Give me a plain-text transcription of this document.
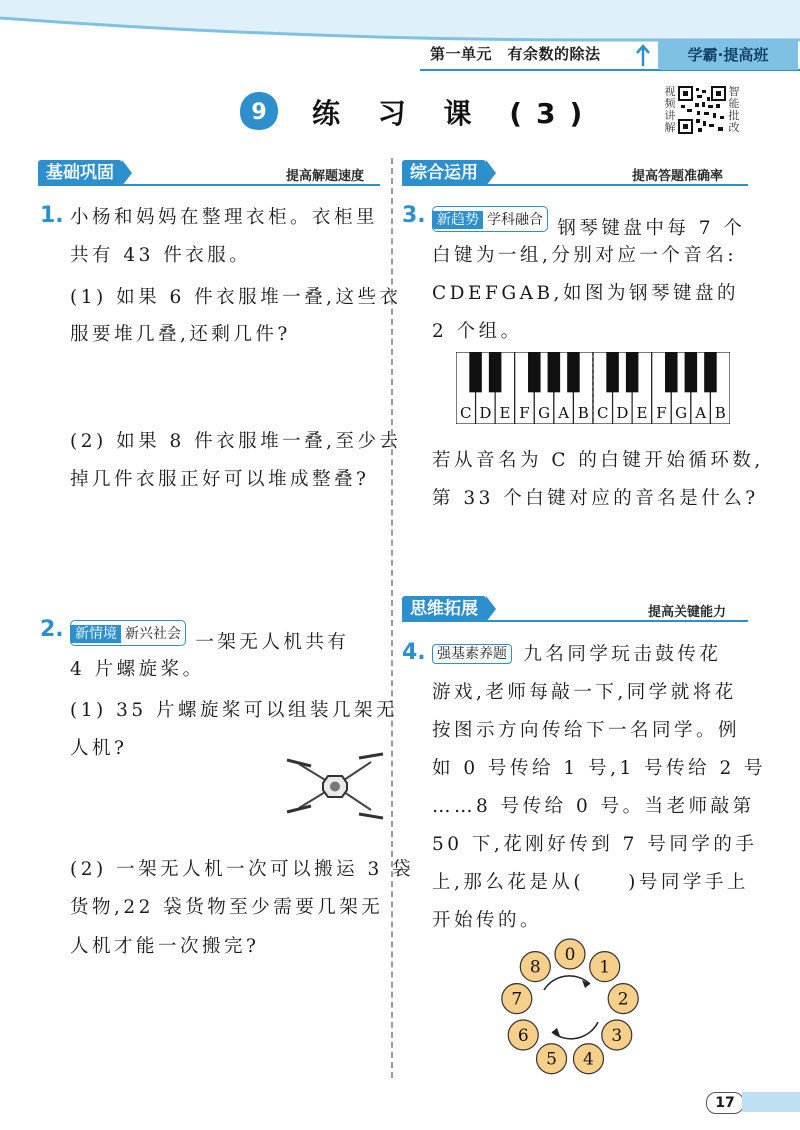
第一单元　有余数的除法	学霸·提高班
9 练 习 课 (3)
视
频
讲
解
智
能
批
改
基础巩固	提高解题速度
1. 小杨和妈妈在整理衣柜。衣柜里
共有 43 件衣服。
(1) 如果 6 件衣服堆一叠,这些衣
服要堆几叠,还剩几件?
(2) 如果 8 件衣服堆一叠,至少去
掉几件衣服正好可以堆成整叠?
2. 新情境 新兴社会 一架无人机共有
4 片螺旋桨。
(1) 35 片螺旋桨可以组装几架无
人机?
(2) 一架无人机一次可以搬运 3 袋
货物,22 袋货物至少需要几架无
人机才能一次搬完?
综合运用	提高答题准确率
3. 新趋势 学科融合 钢琴键盘中每 7 个
白键为一组,分别对应一个音名:
CDEFGAB,如图为钢琴键盘的
2 个组。
C D E F G A B C D E F G A B
若从音名为 C 的白键开始循环数,
第 33 个白键对应的音名是什么?
思维拓展	提高关键能力
4. 强基素养题 九名同学玩击鼓传花
游戏,老师每敲一下,同学就将花
按图示方向传给下一名同学。例
如 0 号传给 1 号,1 号传给 2 号
……8 号传给 0 号。当老师敲第
50 下,花刚好传到 7 号同学的手
上,那么花是从(　　)号同学手上
开始传的。
0
1
2
3
4
5
6
7
8
17
